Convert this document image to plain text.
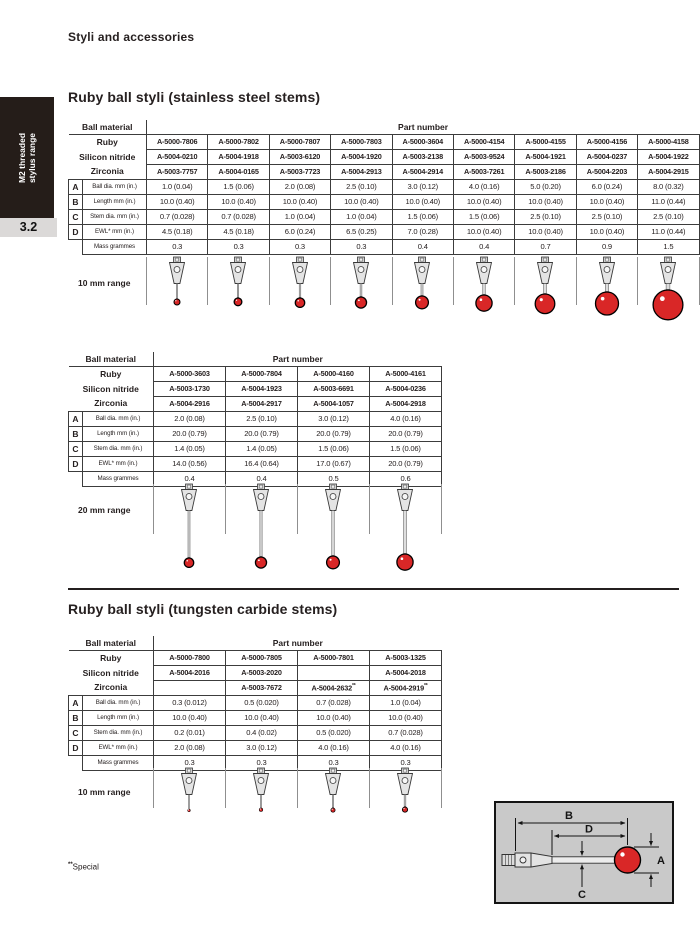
Styli and accessories
M2 threaded
stylus range
3.2
Ruby ball styli (stainless steel stems)
Ruby ball styli (tungsten carbide stems)
**Special
B
D
A
C
Ball material		Part number								
Ruby		A-5000-7806	A-5000-7802	A-5000-7807	A-5000-7803	A-5000-3604	A-5000-4154	A-5000-4155	A-5000-4156	A-5000-4158
Silicon nitride		A-5004-0210	A-5004-1918	A-5003-6120	A-5004-1920	A-5003-2138	A-5003-9524	A-5004-1921	A-5004-0237	A-5004-1922
Zirconia		A-5003-7757	A-5004-0165	A-5003-7723	A-5004-2913	A-5004-2914	A-5003-7261	A-5003-2186	A-5004-2203	A-5004-2915
A	Ball dia. mm (in.)	1.0 (0.04)	1.5 (0.06)	2.0 (0.08)	2.5 (0.10)	3.0 (0.12)	4.0 (0.16)	5.0 (0.20)	6.0 (0.24)	8.0 (0.32)
B	Length mm (in.)	10.0 (0.40)	10.0 (0.40)	10.0 (0.40)	10.0 (0.40)	10.0 (0.40)	10.0 (0.40)	10.0 (0.40)	10.0 (0.40)	11.0 (0.44)
C	Stem dia. mm (in.)	0.7 (0.028)	0.7 (0.028)	1.0 (0.04)	1.0 (0.04)	1.5 (0.06)	1.5 (0.06)	2.5 (0.10)	2.5 (0.10)	2.5 (0.10)
D	EWL* mm (in.)	4.5 (0.18)	4.5 (0.18)	6.0 (0.24)	6.5 (0.25)	7.0 (0.28)	10.0 (0.40)	10.0 (0.40)	10.0 (0.40)	11.0 (0.44)
	Mass grammes	0.3	0.3	0.3	0.3	0.4	0.4	0.7	0.9	1.5
10 mm range
Ball material		Part number			
Ruby		A-5000-3603	A-5000-7804	A-5000-4160	A-5000-4161
Silicon nitride		A-5003-1730	A-5004-1923	A-5003-6691	A-5004-0236
Zirconia		A-5004-2916	A-5004-2917	A-5004-1057	A-5004-2918
A	Ball dia. mm (in.)	2.0 (0.08)	2.5 (0.10)	3.0 (0.12)	4.0 (0.16)
B	Length mm (in.)	20.0 (0.79)	20.0 (0.79)	20.0 (0.79)	20.0 (0.79)
C	Stem dia. mm (in.)	1.4 (0.05)	1.4 (0.05)	1.5 (0.06)	1.5 (0.06)
D	EWL* mm (in.)	14.0 (0.56)	16.4 (0.64)	17.0 (0.67)	20.0 (0.79)
	Mass grammes	0.4	0.4	0.5	0.6
20 mm range
Ball material		Part number			
Ruby		A-5000-7800	A-5000-7805	A-5000-7801	A-5003-1325
Silicon nitride		A-5004-2016	A-5003-2020		A-5004-2018
Zirconia			A-5003-7672	A-5004-2632**	A-5004-2919**
A	Ball dia. mm (in.)	0.3 (0.012)	0.5 (0.020)	0.7 (0.028)	1.0 (0.04)
B	Length mm (in.)	10.0 (0.40)	10.0 (0.40)	10.0 (0.40)	10.0 (0.40)
C	Stem dia. mm (in.)	0.2 (0.01)	0.4 (0.02)	0.5 (0.020)	0.7 (0.028)
D	EWL* mm (in.)	2.0 (0.08)	3.0 (0.12)	4.0 (0.16)	4.0 (0.16)
	Mass grammes	0.3	0.3	0.3	0.3
10 mm range
